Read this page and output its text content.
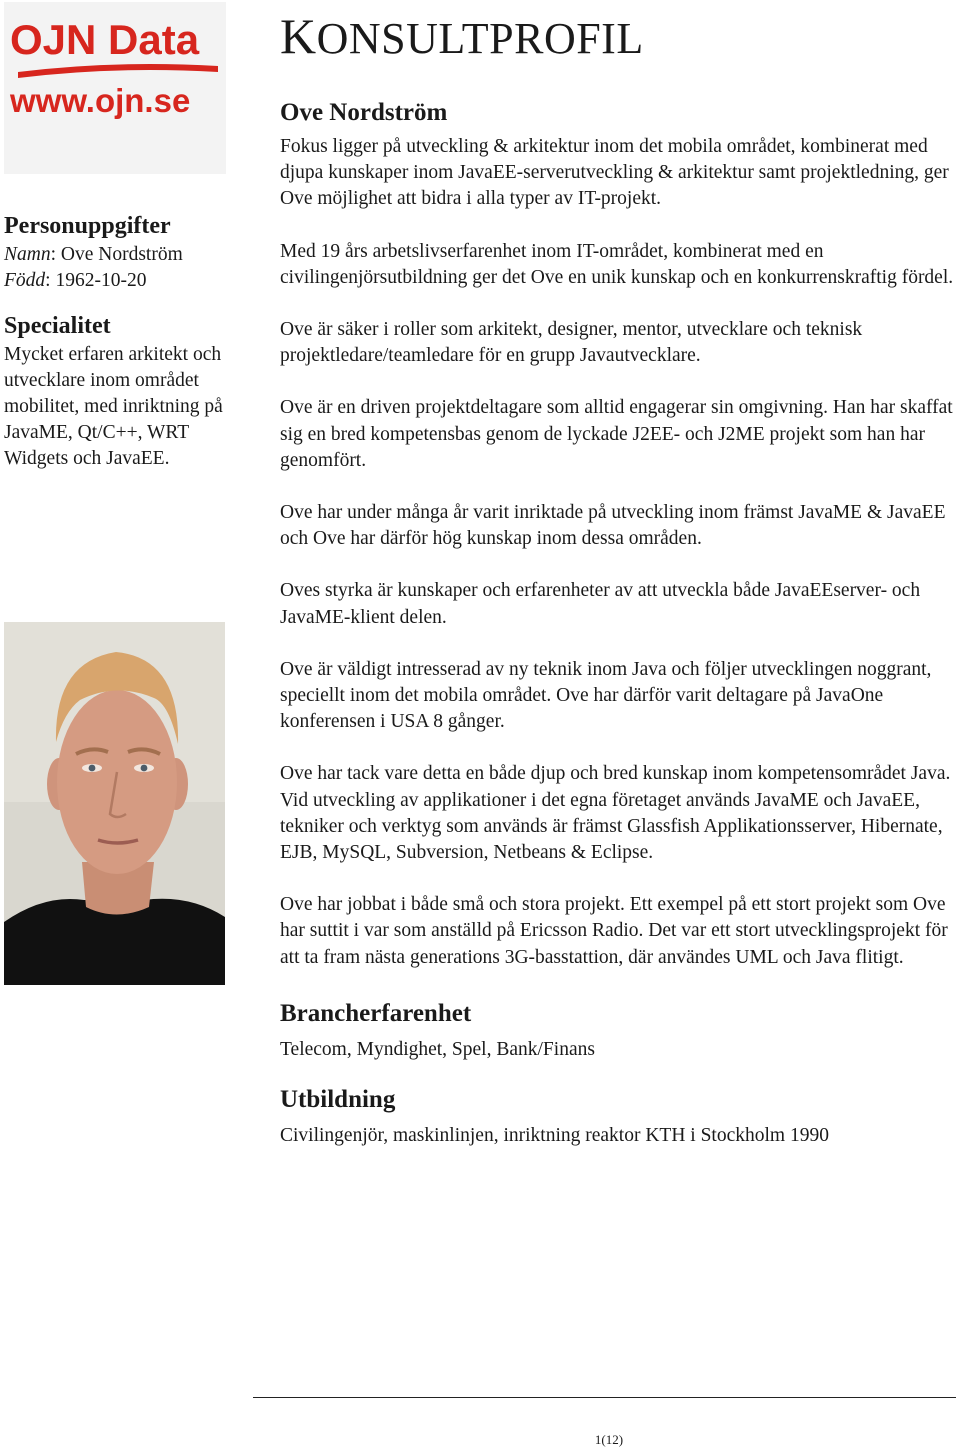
OJN Data
www.ojn.se
Personuppgifter

Namn: Ove Nordström

Född: 1962-10-20

Specialitet

Mycket erfaren arkitekt och utvecklare inom området mobilitet, med inriktning på JavaME, Qt/C++, WRT Widgets och JavaEE.

KONSULTPROFIL
Ove Nordström

Fokus ligger på utveckling & arkitektur inom det mobila området, kombinerat med djupa kunskaper inom JavaEE-serverutveckling & arkitektur samt projektledning, ger Ove möjlighet att bidra i alla typer av IT-projekt.

Med 19 års arbetslivserfarenhet inom IT-området, kombinerat med en civilingenjörsutbildning ger det Ove en unik kunskap och en konkurrenskraftig fördel.

Ove är säker i roller som arkitekt, designer, mentor, utvecklare och teknisk projektledare/teamledare för en grupp Javautvecklare.

Ove är en driven projektdeltagare som alltid engagerar sin omgivning. Han har skaffat sig en bred kompetensbas genom de lyckade J2EE- och J2ME projekt som han har genomfört.

Ove har under många år varit inriktade på utveckling inom främst JavaME & JavaEE och Ove har därför hög kunskap inom dessa områden.

Oves styrka är kunskaper och erfarenheter av att utveckla både JavaEEserver- och JavaME-klient delen.

Ove är väldigt intresserad av ny teknik inom Java och följer utvecklingen noggrant, speciellt inom det mobila området. Ove har därför varit deltagare på JavaOne konferensen i USA 8 gånger.

Ove har tack vare detta en både djup och bred kunskap inom kompetensområdet Java. Vid utveckling av applikationer i det egna företaget används JavaME och JavaEE, tekniker och verktyg som används är främst Glassfish Applikationsserver, Hibernate, EJB, MySQL, Subversion, Netbeans & Eclipse.

Ove har jobbat i både små och stora projekt. Ett exempel på ett stort projekt som Ove har suttit i var som anställd på Ericsson Radio. Det var ett stort utvecklingsprojekt för att ta fram nästa generations 3G-basstattion, där användes UML och Java flitigt.

Brancherfarenhet

Telecom, Myndighet, Spel, Bank/Finans

Utbildning

Civilingenjör, maskinlinjen, inriktning reaktor KTH i Stockholm 1990

1(12)
